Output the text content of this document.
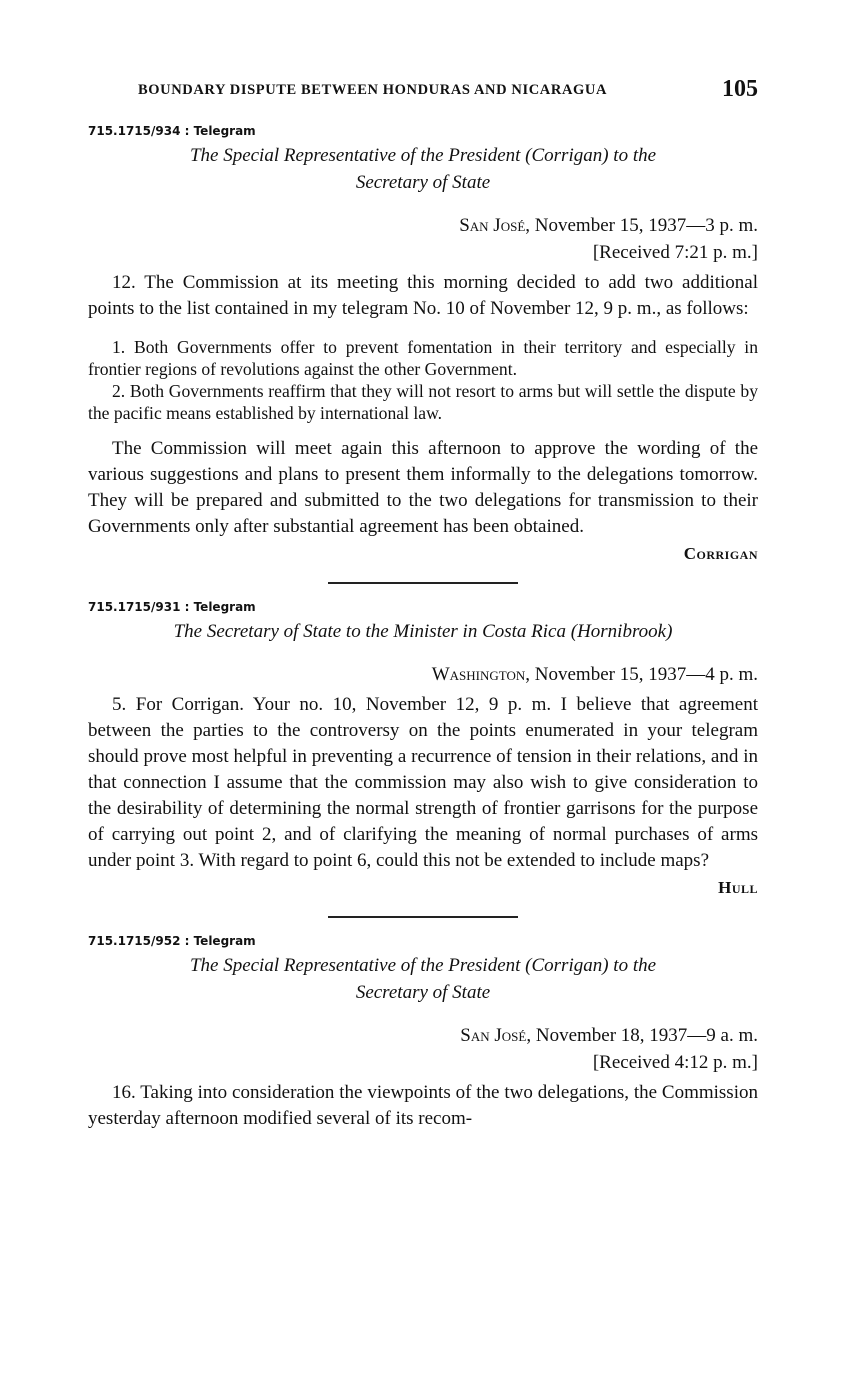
BOUNDARY DISPUTE BETWEEN HONDURAS AND NICARAGUA	105
715.1715/934 : Telegram
The Special Representative of the President (Corrigan) to the
Secretary of State
San José, November 15, 1937—3 p. m.
[Received 7:21 p. m.]

12. The Commission at its meeting this morning decided to add two additional points to the list contained in my telegram No. 10 of November 12, 9 p. m., as follows:

1. Both Governments offer to prevent fomentation in their territory and especially in frontier regions of revolutions against the other Government.

2. Both Governments reaffirm that they will not resort to arms but will settle the dispute by the pacific means established by international law.

The Commission will meet again this afternoon to approve the wording of the various suggestions and plans to present them informally to the delegations tomorrow. They will be prepared and submitted to the two delegations for transmission to their Governments only after substantial agreement has been obtained.

Corrigan
715.1715/931 : Telegram
The Secretary of State to the Minister in Costa Rica (Hornibrook)
Washington, November 15, 1937—4 p. m.

5. For Corrigan. Your no. 10, November 12, 9 p. m. I believe that agreement between the parties to the controversy on the points enumerated in your telegram should prove most helpful in preventing a recurrence of tension in their relations, and in that connection I assume that the commission may also wish to give consideration to the desirability of determining the normal strength of frontier garrisons for the purpose of carrying out point 2, and of clarifying the meaning of normal purchases of arms under point 3. With regard to point 6, could this not be extended to include maps?

Hull
715.1715/952 : Telegram
The Special Representative of the President (Corrigan) to the
Secretary of State
San José, November 18, 1937—9 a. m.
[Received 4:12 p. m.]

16. Taking into consideration the viewpoints of the two delegations, the Commission yesterday afternoon modified several of its recom-
